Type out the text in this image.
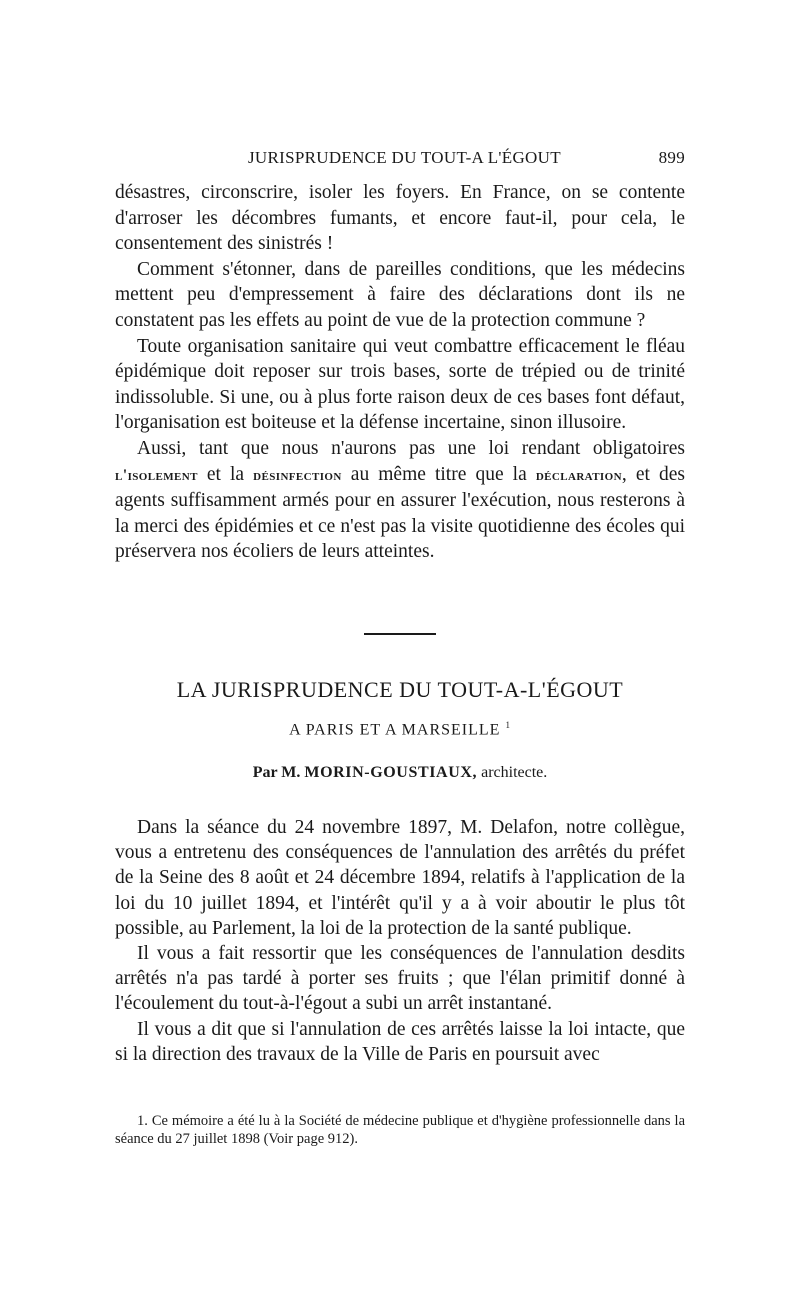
JURISPRUDENCE DU TOUT-A L'ÉGOUT	899

désastres, circonscrire, isoler les foyers. En France, on se contente d'arroser les décombres fumants, et encore faut-il, pour cela, le consentement des sinistrés !

Comment s'étonner, dans de pareilles conditions, que les médecins mettent peu d'empressement à faire des déclarations dont ils ne constatent pas les effets au point de vue de la protection commune ?

Toute organisation sanitaire qui veut combattre efficacement le fléau épidémique doit reposer sur trois bases, sorte de trépied ou de trinité indissoluble. Si une, ou à plus forte raison deux de ces bases font défaut, l'organisation est boiteuse et la défense incertaine, sinon illusoire.

Aussi, tant que nous n'aurons pas une loi rendant obligatoires l'isolement et la désinfection au même titre que la déclaration, et des agents suffisamment armés pour en assurer l'exécution, nous resterons à la merci des épidémies et ce n'est pas la visite quotidienne des écoles qui préservera nos écoliers de leurs atteintes.

LA JURISPRUDENCE DU TOUT-A-L'ÉGOUT
A PARIS ET A MARSEILLE $^1$
Par M. MORIN-GOUSTIAUX, architecte.

Dans la séance du 24 novembre 1897, M. Delafon, notre collègue, vous a entretenu des conséquences de l'annulation des arrêtés du préfet de la Seine des 8 août et 24 décembre 1894, relatifs à l'application de la loi du 10 juillet 1894, et l'intérêt qu'il y a à voir aboutir le plus tôt possible, au Parlement, la loi de la protection de la santé publique.

Il vous a fait ressortir que les conséquences de l'annulation desdits arrêtés n'a pas tardé à porter ses fruits ; que l'élan primitif donné à l'écoulement du tout-à-l'égout a subi un arrêt instantané.

Il vous a dit que si l'annulation de ces arrêtés laisse la loi intacte, que si la direction des travaux de la Ville de Paris en poursuit avec

1. Ce mémoire a été lu à la Société de médecine publique et d'hygiène professionnelle dans la séance du 27 juillet 1898 (Voir page 912).
